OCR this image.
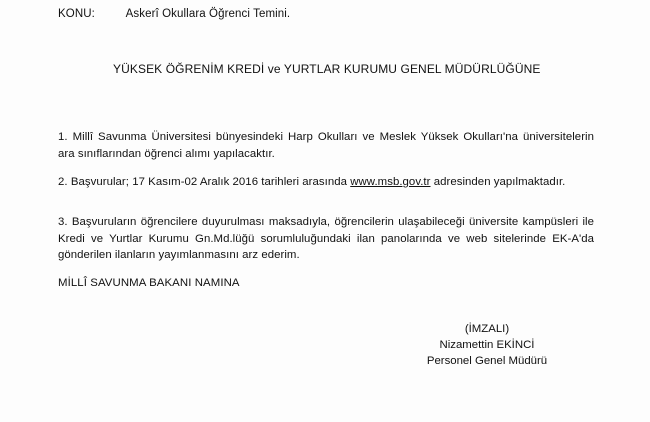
KONU:	Askerî Okullara Öğrenci Temini.
YÜKSEK ÖĞRENİM KREDİ ve YURTLAR KURUMU GENEL MÜDÜRLÜĞÜNE
1. Millî Savunma Üniversitesi bünyesindeki Harp Okulları ve Meslek Yüksek Okulları'na üniversitelerin ara sınıflarından öğrenci alımı yapılacaktır.
2. Başvurular; 17 Kasım-02 Aralık 2016 tarihleri arasında www.msb.gov.tr adresinden yapılmaktadır.
3. Başvuruların öğrencilere duyurulması maksadıyla, öğrencilerin ulaşabileceği üniversite kampüsleri ile Kredi ve Yurtlar Kurumu Gn.Md.lüğü sorumluluğundaki ilan panolarında ve web sitelerinde EK-A'da gönderilen ilanların yayımlanmasını arz ederim.
MİLLÎ SAVUNMA BAKANI NAMINA
(İMZALI)
Nizamettin EKİNCİ
Personel Genel Müdürü
